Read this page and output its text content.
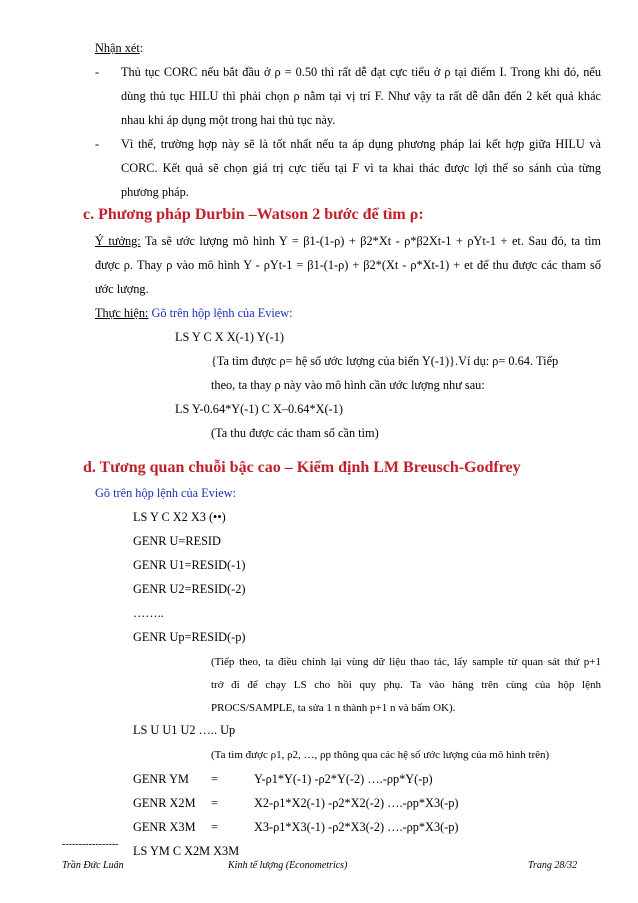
Nhận xét:
- Thủ tục CORC nếu bắt đầu ở ρ = 0.50 thì rất dễ đạt cực tiểu ở ρ tại điểm I. Trong khi đó, nếu
dùng thủ tục HILU thì phải chọn ρ nằm tại vị trí F. Như vậy ta rất dễ dẫn đến 2 kết quả khác
nhau khi áp dụng một trong hai thủ tục này.
- Vì thế, trường hợp này sẽ là tốt nhất nếu ta áp dụng phương pháp lai kết hợp giữa HILU và
CORC. Kết quả sẽ chọn giá trị cực tiểu tại F vì ta khai thác được lợi thế so sánh của từng
phương pháp.
c. Phương pháp Durbin –Watson 2 bước để tìm ρ:
Ý tưởng: Ta sẽ ước lượng mô hình Y = β1-(1-ρ) + β2*Xt - ρ*β2Xt-1 + ρYt-1 + et. Sau đó, ta tìm
được ρ. Thay ρ vào mô hình Y - ρYt-1 = β1-(1-ρ) + β2*(Xt - ρ*Xt-1) + et để thu được các tham số
ước lượng.
Thực hiện: Gõ trên hộp lệnh của Eview:
LS Y C X X(-1) Y(-1)
{Ta tìm được ρ= hệ số ước lượng của biến Y(-1)}.Ví dụ: ρ= 0.64. Tiếp
theo, ta thay ρ này vào mô hình cần ước lượng như sau:
LS Y-0.64*Y(-1) C X–0.64*X(-1)
(Ta thu được các tham số cần tìm)
d. Tương quan chuỗi bậc cao – Kiểm định LM Breusch-Godfrey
Gõ trên hộp lệnh của Eview:
LS Y C X2 X3 (••)
GENR U=RESID
GENR U1=RESID(-1)
GENR U2=RESID(-2)
……..
GENR Up=RESID(-p)
(Tiếp theo, ta điều chỉnh lại vùng dữ liệu thao tác, lấy sample từ quan sát thứ p+1
trở đi để chạy LS cho hồi quy phụ. Ta vào hàng trên cùng của hộp lệnh
PROCS/SAMPLE, ta sửa 1 n thành p+1 n và bấm OK).
LS U U1 U2 ….. Up
(Ta tìm được ρ1, ρ2, …, ρp thông qua các hệ số ước lượng của mô hình trên)
GENR YM =	Y-ρ1*Y(-1) -ρ2*Y(-2) ….-ρp*Y(-p)
GENR X2M =	X2-ρ1*X2(-1) -ρ2*X2(-2) ….-ρp*X3(-p)
GENR X3M =	X3-ρ1*X3(-1) -ρ2*X3(-2) ….-ρp*X3(-p)
LS YM C X2M X3M
-----------------
Trần Đức Luân	Kinh tế lượng (Econometrics)	Trang 28/32
